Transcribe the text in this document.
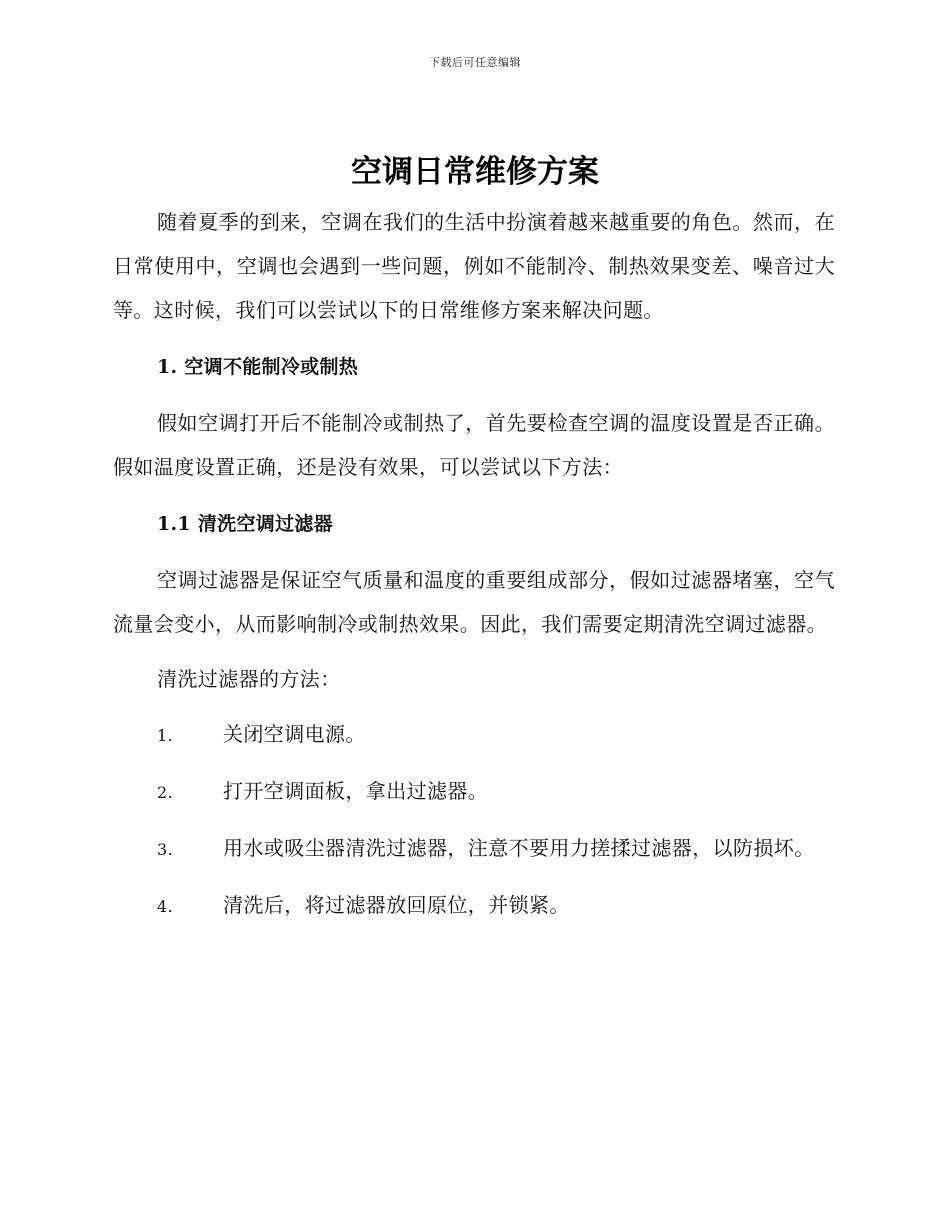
下载后可任意编辑
空调日常维修方案

随着夏季的到来，空调在我们的生活中扮演着越来越重要的角色。然而，在日常使用中，空调也会遇到一些问题，例如不能制冷、制热效果变差、噪音过大等。这时候，我们可以尝试以下的日常维修方案来解决问题。

1. 空调不能制冷或制热

假如空调打开后不能制冷或制热了，首先要检查空调的温度设置是否正确。假如温度设置正确，还是没有效果，可以尝试以下方法：

1.1 清洗空调过滤器

空调过滤器是保证空气质量和温度的重要组成部分，假如过滤器堵塞，空气流量会变小，从而影响制冷或制热效果。因此，我们需要定期清洗空调过滤器。

清洗过滤器的方法：

1. 关闭空调电源。

2. 打开空调面板，拿出过滤器。

3. 用水或吸尘器清洗过滤器，注意不要用力搓揉过滤器，以防损坏。

4. 清洗后，将过滤器放回原位，并锁紧。
